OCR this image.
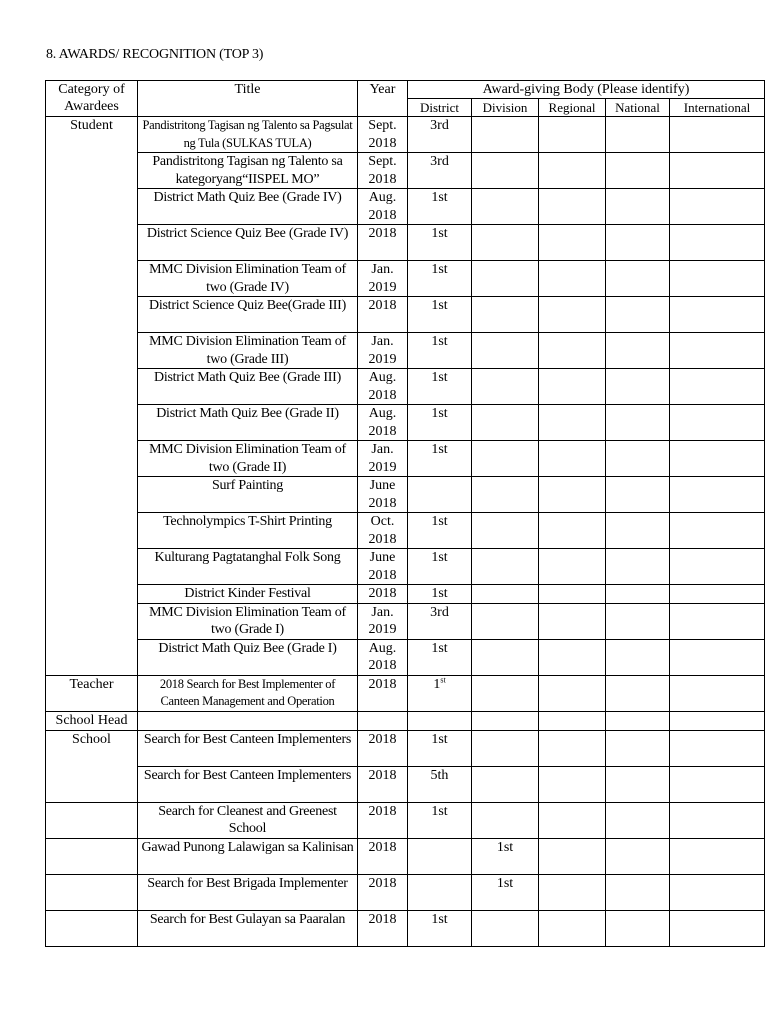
8. AWARDS/ RECOGNITION (TOP 3)
Category of Awardees	Title	Year	Award-giving Body (Please identify)				
			District	Division	Regional	National	International
Student	Pandistritong Tagisan ng Talento sa Pagsulat ng Tula (SULKAS TULA)	Sept. 2018	3rd				
	Pandistritong Tagisan ng Talento sa kategoryang“IISPEL MO”	Sept. 2018	3rd				
	District Math Quiz Bee (Grade IV)	Aug. 2018	1st				
	District Science Quiz Bee (Grade IV)	2018	1st				
	MMC Division Elimination Team of two (Grade IV)	Jan. 2019	1st				
	District Science Quiz Bee(Grade III)	2018	1st				
	MMC Division Elimination Team of two (Grade III)	Jan. 2019	1st				
	District Math Quiz Bee (Grade III)	Aug. 2018	1st				
	District Math Quiz Bee (Grade II)	Aug. 2018	1st				
	MMC Division Elimination Team of two (Grade II)	Jan. 2019	1st				
	Surf Painting	June 2018					
	Technolympics T-Shirt Printing	Oct. 2018	1st				
	Kulturang Pagtatanghal Folk Song	June 2018	1st				
	District Kinder Festival	2018	1st				
	MMC Division Elimination Team of two (Grade I)	Jan. 2019	3rd				
	District Math Quiz Bee (Grade I)	Aug. 2018	1st				
Teacher	2018 Search for Best Implementer of Canteen Management and Operation	2018	1st				
School Head							
School	Search for Best Canteen Implementers	2018	1st				
	Search for Best Canteen Implementers	2018	5th				
	Search for Cleanest and Greenest School	2018	1st				
	Gawad Punong Lalawigan sa Kalinisan	2018		1st			
	Search for Best Brigada Implementer	2018		1st			
	Search for Best Gulayan sa Paaralan	2018	1st				
